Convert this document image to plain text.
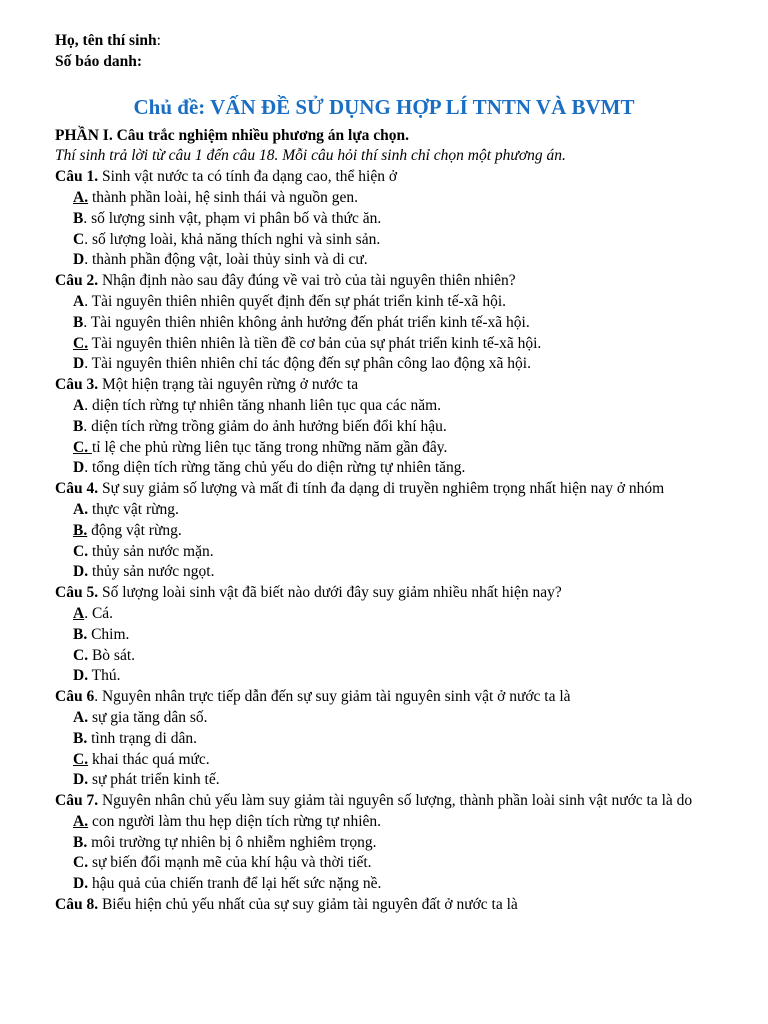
Họ, tên thí sinh:
Số báo danh:
Chủ đề: VẤN ĐỀ SỬ DỤNG HỢP LÍ TNTN VÀ BVMT
PHẦN I. Câu trắc nghiệm nhiều phương án lựa chọn.
Thí sinh trả lời từ câu 1 đến câu 18. Mỗi câu hỏi thí sinh chỉ chọn một phương án.
Câu 1. Sinh vật nước ta có tính đa dạng cao, thể hiện ở
A. thành phần loài, hệ sinh thái và nguồn gen.
B. số lượng sinh vật, phạm vi phân bố và thức ăn.
C. số lượng loài, khả năng thích nghi và sinh sản.
D. thành phần động vật, loài thủy sinh và di cư.
Câu 2. Nhận định nào sau đây đúng về vai trò của tài nguyên thiên nhiên?
A. Tài nguyên thiên nhiên quyết định đến sự phát triển kinh tế-xã hội.
B. Tài nguyên thiên nhiên không ảnh hưởng đến phát triển kinh tế-xã hội.
C. Tài nguyên thiên nhiên là tiền đề cơ bản của sự phát triển kinh tế-xã hội.
D. Tài nguyên thiên nhiên chỉ tác động đến sự phân công lao động xã hội.
Câu 3. Một hiện trạng tài nguyên rừng ở nước ta
A. diện tích rừng tự nhiên tăng nhanh liên tục qua các năm.
B. diện tích rừng trồng giảm do ảnh hưởng biến đổi khí hậu.
C. tỉ lệ che phủ rừng liên tục tăng trong những năm gần đây.
D. tổng diện tích rừng tăng chủ yếu do diện rừng tự nhiên tăng.
Câu 4. Sự suy giảm số lượng và mất đi tính đa dạng di truyền nghiêm trọng nhất hiện nay ở nhóm
A. thực vật rừng.
B. động vật rừng.
C. thủy sản nước mặn.
D. thủy sản nước ngọt.
Câu 5. Số lượng loài sinh vật đã biết nào dưới đây suy giảm nhiều nhất hiện nay?
A. Cá.
B. Chim.
C. Bò sát.
D. Thú.
Câu 6. Nguyên nhân trực tiếp dẫn đến sự suy giảm tài nguyên sinh vật ở nước ta là
A. sự gia tăng dân số.
B. tình trạng di dân.
C. khai thác quá mức.
D. sự phát triển kinh tế.
Câu 7. Nguyên nhân chủ yếu làm suy giảm tài nguyên số lượng, thành phần loài sinh vật nước ta là do
A. con người làm thu hẹp diện tích rừng tự nhiên.
B. môi trường tự nhiên bị ô nhiễm nghiêm trọng.
C. sự biến đổi mạnh mẽ của khí hậu và thời tiết.
D. hậu quả của chiến tranh để lại hết sức nặng nề.
Câu 8. Biểu hiện chủ yếu nhất của sự suy giảm tài nguyên đất ở nước ta là
